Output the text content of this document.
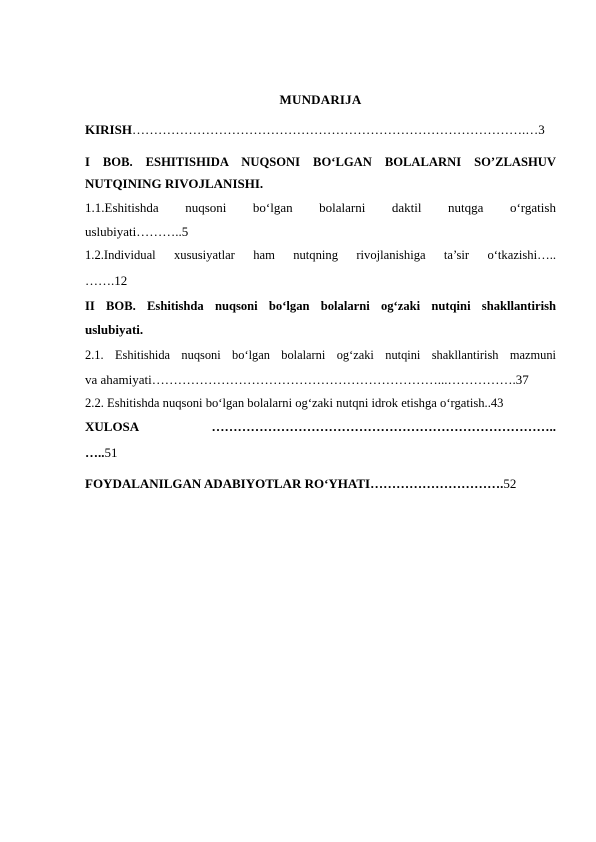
MUNDARIJA
KIRISH……………………………………………………………………………….…3
I BOB. ESHITISHIDA NUQSONI BO‘LGAN BOLALARNI SO’ZLASHUV
NUTQINING RIVOJLANISHI.
1.1.Eshitishda nuqsoni bo‘lgan bolalarni daktil nutqga o‘rgatish
uslubiyati………..5
1.2.Individual xususiyatlar ham nutqning rivojlanishiga ta’sir o‘tkazishi…..
…….12
II BOB. Eshitishda nuqsoni bo‘lgan bolalarni og‘zaki nutqini shakllantirish
uslubiyati.
2.1. Eshitishida nuqsoni bo‘lgan bolalarni og‘zaki nutqini shakllantirish mazmuni
va ahamiyati…………………………………………………………...…………….37
2.2. Eshitishda nuqsoni bo‘lgan bolalarni og‘zaki nutqni idrok etishga o‘rgatish..43
XULOSA	……………………………………………………………………..
…..51
FOYDALANILGAN ADABIYOTLAR RO‘YHATI………………………….52
